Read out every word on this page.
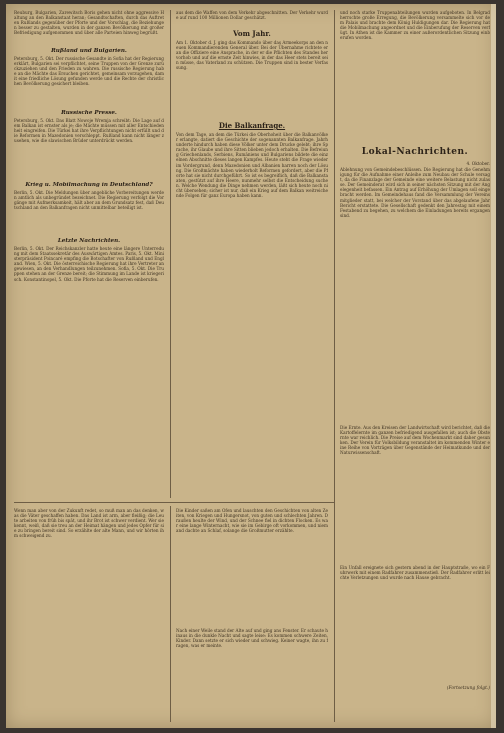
Reuburg, Bulgarien, Zarewitsch Boris gehen nicht ohne aggressive Haltung an den Balkanstaat heran; Gesandtschaften, durch das Auftreten Rußlands gegenüber der Pforte und der Vorschlag, die Beziehungen besser zu gestalten, wurden in der ganzen Bevölkerung mit großer Befriedigung aufgenommen und über alle Parteien hinweg begrüßt.
Rußland und Bulgarien.
Petersburg, 5. Okt. Der russische Gesandte in Sofia hat der Regierung erklärt, Bulgarien sei verpflichtet, seine Truppen von der Grenze zurückzuziehen und den Frieden zu wahren. Die russische Regierung habe an die Mächte das Ersuchen gerichtet, gemeinsam vorzugehen, damit eine friedliche Lösung gefunden werde und die Rechte der christlichen Bevölkerung gesichert bleiben.
Russische Presse.
Petersburg, 5. Okt. Das Blatt Nowoje Wremja schreibt: Die Lage auf dem Balkan ist ernster als je; die Mächte müssen mit aller Entschiedenheit eingreifen. Die Türkei hat ihre Verpflichtungen nicht erfüllt und die Reformen in Mazedonien verschleppt. Rußland kann nicht länger zusehen, wie die slawischen Brüder unterdrückt werden.
Krieg u. Mobilmachung in Deutschland?
Berlin, 5. Okt. Die Meldungen über angebliche Vorbereitungen werden amtlich als unbegründet bezeichnet. Die Regierung verfolgt die Vorgänge mit Aufmerksamkeit, hält aber an dem Grundsatz fest, daß Deutschland an den Balkanfragen nicht unmittelbar beteiligt ist.
Letzte Nachrichten.
Berlin, 5. Okt. Der Reichskanzler hatte heute eine längere Unterredung mit dem Staatssekretär des Auswärtigen Amtes. Paris, 5. Okt. Ministerpräsident Poincaré empfing die Botschafter von Rußland und England. Wien, 5. Okt. Die österreichische Regierung hat ihre Vertreter angewiesen, an den Verhandlungen teilzunehmen. Sofia, 5. Okt. Die Truppen stehen an der Grenze bereit; die Stimmung im Lande ist kriegerisch. Konstantinopel, 5. Okt. Die Pforte hat die Reserven einberufen.
aus dem die Waffen von dem Verkehr abgeschnitten. Der Verkehr wurde auf rund 100 Millionen Dollar geschätzt.
Vom Jahr.
Am 1. Oktober d. J. ging das Kommando über das Armeekorps an den neuen Kommandierenden General über. Bei der Übernahme richtete er an die Offiziere eine Ansprache, in der er die Pflichten des Standes hervorhob und auf die ernste Zeit hinwies, in der das Heer stets bereit sein müsse, das Vaterland zu schützen. Die Truppen sind in bester Verfassung.
Die Balkanfrage.
Von dem Tage, an dem die Türkei die Oberhoheit über die Balkanvölker erlangte, datiert die Geschichte der sogenannten Balkanfrage. Jahrhunderte hindurch haben diese Völker unter dem Drucke gelebt; ihre Sprache, ihr Glaube und ihre Sitten blieben jedoch erhalten. Die Befreiung Griechenlands, Serbiens, Rumäniens und Bulgariens bildete die einzelnen Abschnitte dieses langen Kampfes. Heute steht die Frage wieder im Vordergrund, denn Mazedonien und Albanien harren noch der Lösung. Die Großmächte haben wiederholt Reformen gefordert, aber die Pforte hat sie nicht durchgeführt. So ist es begreiflich, daß die Balkanstaaten, gestützt auf ihre Heere, nunmehr selbst die Entscheidung suchen. Welche Wendung die Dinge nehmen werden, läßt sich heute noch nicht übersehen; sicher ist nur, daß ein Krieg auf dem Balkan weitreichende Folgen für ganz Europa haben kann.
und noch starke Truppenabteilungen wurden aufgeboten. In Belgrad herrschte große Erregung, die Bevölkerung versammelte sich vor dem Palais und brachte dem König Huldigungen dar. Die Regierung hat die Mobilmachung angeordnet und die Einberufung der Reserven verfügt. In Athen ist die Kammer zu einer außerordentlichen Sitzung einberufen worden.
Lokal-Nachrichten.
4. Oktober.
Ablehnung von Gemeindebeschlüssen. Die Regierung hat die Genehmigung für die Aufnahme einer Anleihe zum Neubau der Schule versagt, da die Finanzlage der Gemeinde eine weitere Belastung nicht zulasse. Der Gemeinderat wird sich in seiner nächsten Sitzung mit der Angelegenheit befassen. Ein Antrag auf Erhöhung der Umlagen soll eingebracht werden. Im Gemeindehaus fand die Versammlung der Vereinsmitglieder statt, bei welcher der Vorstand über das abgelaufene Jahr Bericht erstattete. Die Gesellschaft gedenkt den Jahrestag mit einem Festabend zu begehen, zu welchem die Einladungen bereits ergangen sind.
Die Ernte. Aus den Kreisen der Landwirtschaft wird berichtet, daß die Kartoffelernte im ganzen befriedigend ausgefallen ist; auch die Obsternte war reichlich. Die Preise auf dem Wochenmarkt sind daher gesunken. Der Verein für Volksbildung veranstaltet im kommenden Winter eine Reihe von Vorträgen über Gegenstände der Heimatkunde und der Naturwissenschaft.
Ein Unfall ereignete sich gestern abend in der Hauptstraße, wo ein Fuhrwerk mit einem Radfahrer zusammenstieß. Der Radfahrer erlitt leichte Verletzungen und wurde nach Hause gebracht.
(Fortsetzung folgt.)
Wenn man aber von der Zukunft redet, so muß man an das denken, was die Väter geschaffen haben. Das Land ist arm, aber fleißig; die Leute arbeiten von früh bis spät, und ihr Brot ist schwer verdient. Wer sie kennt, weiß, daß sie treu an der Heimat hängen und jedes Opfer für sie zu bringen bereit sind. So erzählte der alte Mann, und wir hörten ihm schweigend zu.
Die Kinder saßen am Ofen und lauschten den Geschichten von alten Zeiten, von Kriegen und Hungersnot, von guten und schlechten Jahren. Draußen heulte der Wind, und der Schnee fiel in dichten Flocken. Es war eine lange Winternacht, wie sie im Gebirge oft vorkommen, und niemand dachte an Schlaf, solange die Großmutter erzählte.
Nach einer Weile stand der Alte auf und ging ans Fenster. Er schaute hinaus in die dunkle Nacht und sagte leise: Es kommen schwere Zeiten, Kinder. Dann setzte er sich wieder und schwieg. Keiner wagte, ihn zu fragen, was er meinte.
